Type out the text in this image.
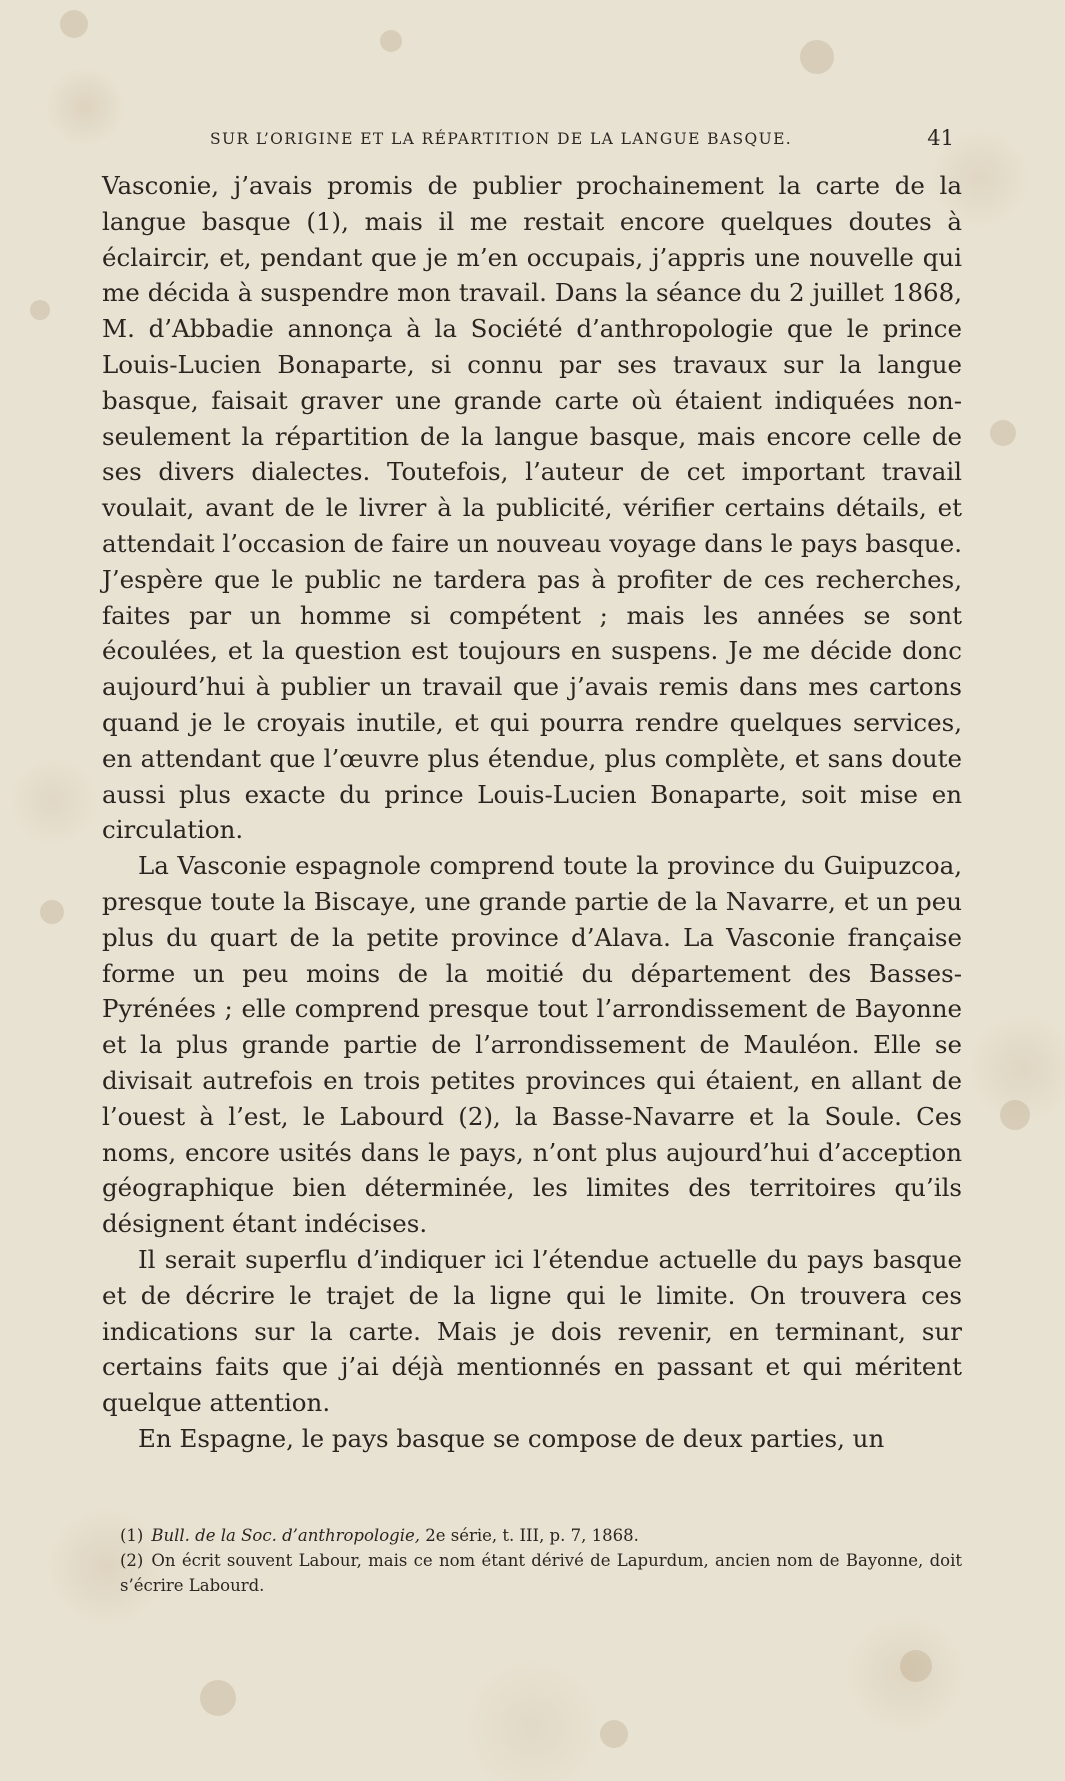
SUR L’ORIGINE ET LA RÉPARTITION DE LA LANGUE BASQUE.	41

Vasconie, j’avais promis de publier prochainement la carte de la langue basque (1), mais il me restait encore quelques doutes à éclaircir, et, pendant que je m’en occupais, j’appris une nouvelle qui me décida à suspendre mon travail. Dans la séance du 2 juillet 1868, M. d’Abbadie annonça à la Société d’anthropologie que le prince Louis-Lucien Bonaparte, si connu par ses travaux sur la langue basque, faisait graver une grande carte où étaient indiquées non-seulement la répartition de la langue basque, mais encore celle de ses divers dialectes. Toutefois, l’auteur de cet important travail voulait, avant de le livrer à la publicité, vérifier certains détails, et attendait l’occasion de faire un nouveau voyage dans le pays basque. J’espère que le public ne tardera pas à profiter de ces recherches, faites par un homme si compétent ; mais les années se sont écoulées, et la question est toujours en suspens. Je me décide donc aujourd’hui à publier un travail que j’avais remis dans mes cartons quand je le croyais inutile, et qui pourra rendre quelques services, en attendant que l’œuvre plus étendue, plus complète, et sans doute aussi plus exacte du prince Louis-Lucien Bonaparte, soit mise en circulation.

La Vasconie espagnole comprend toute la province du Guipuzcoa, presque toute la Biscaye, une grande partie de la Navarre, et un peu plus du quart de la petite province d’Alava. La Vasconie française forme un peu moins de la moitié du département des Basses-Pyrénées ; elle comprend presque tout l’arrondissement de Bayonne et la plus grande partie de l’arrondissement de Mauléon. Elle se divisait autrefois en trois petites provinces qui étaient, en allant de l’ouest à l’est, le Labourd (2), la Basse-Navarre et la Soule. Ces noms, encore usités dans le pays, n’ont plus aujourd’hui d’acception géographique bien déterminée, les limites des territoires qu’ils désignent étant indécises.

Il serait superflu d’indiquer ici l’étendue actuelle du pays basque et de décrire le trajet de la ligne qui le limite. On trouvera ces indications sur la carte. Mais je dois revenir, en terminant, sur certains faits que j’ai déjà mentionnés en passant et qui méritent quelque attention.

En Espagne, le pays basque se compose de deux parties, un

(1) Bull. de la Soc. d’anthropologie, 2e série, t. III, p. 7, 1868.

(2) On écrit souvent Labour, mais ce nom étant dérivé de Lapurdum, ancien nom de Bayonne, doit s’écrire Labourd.
